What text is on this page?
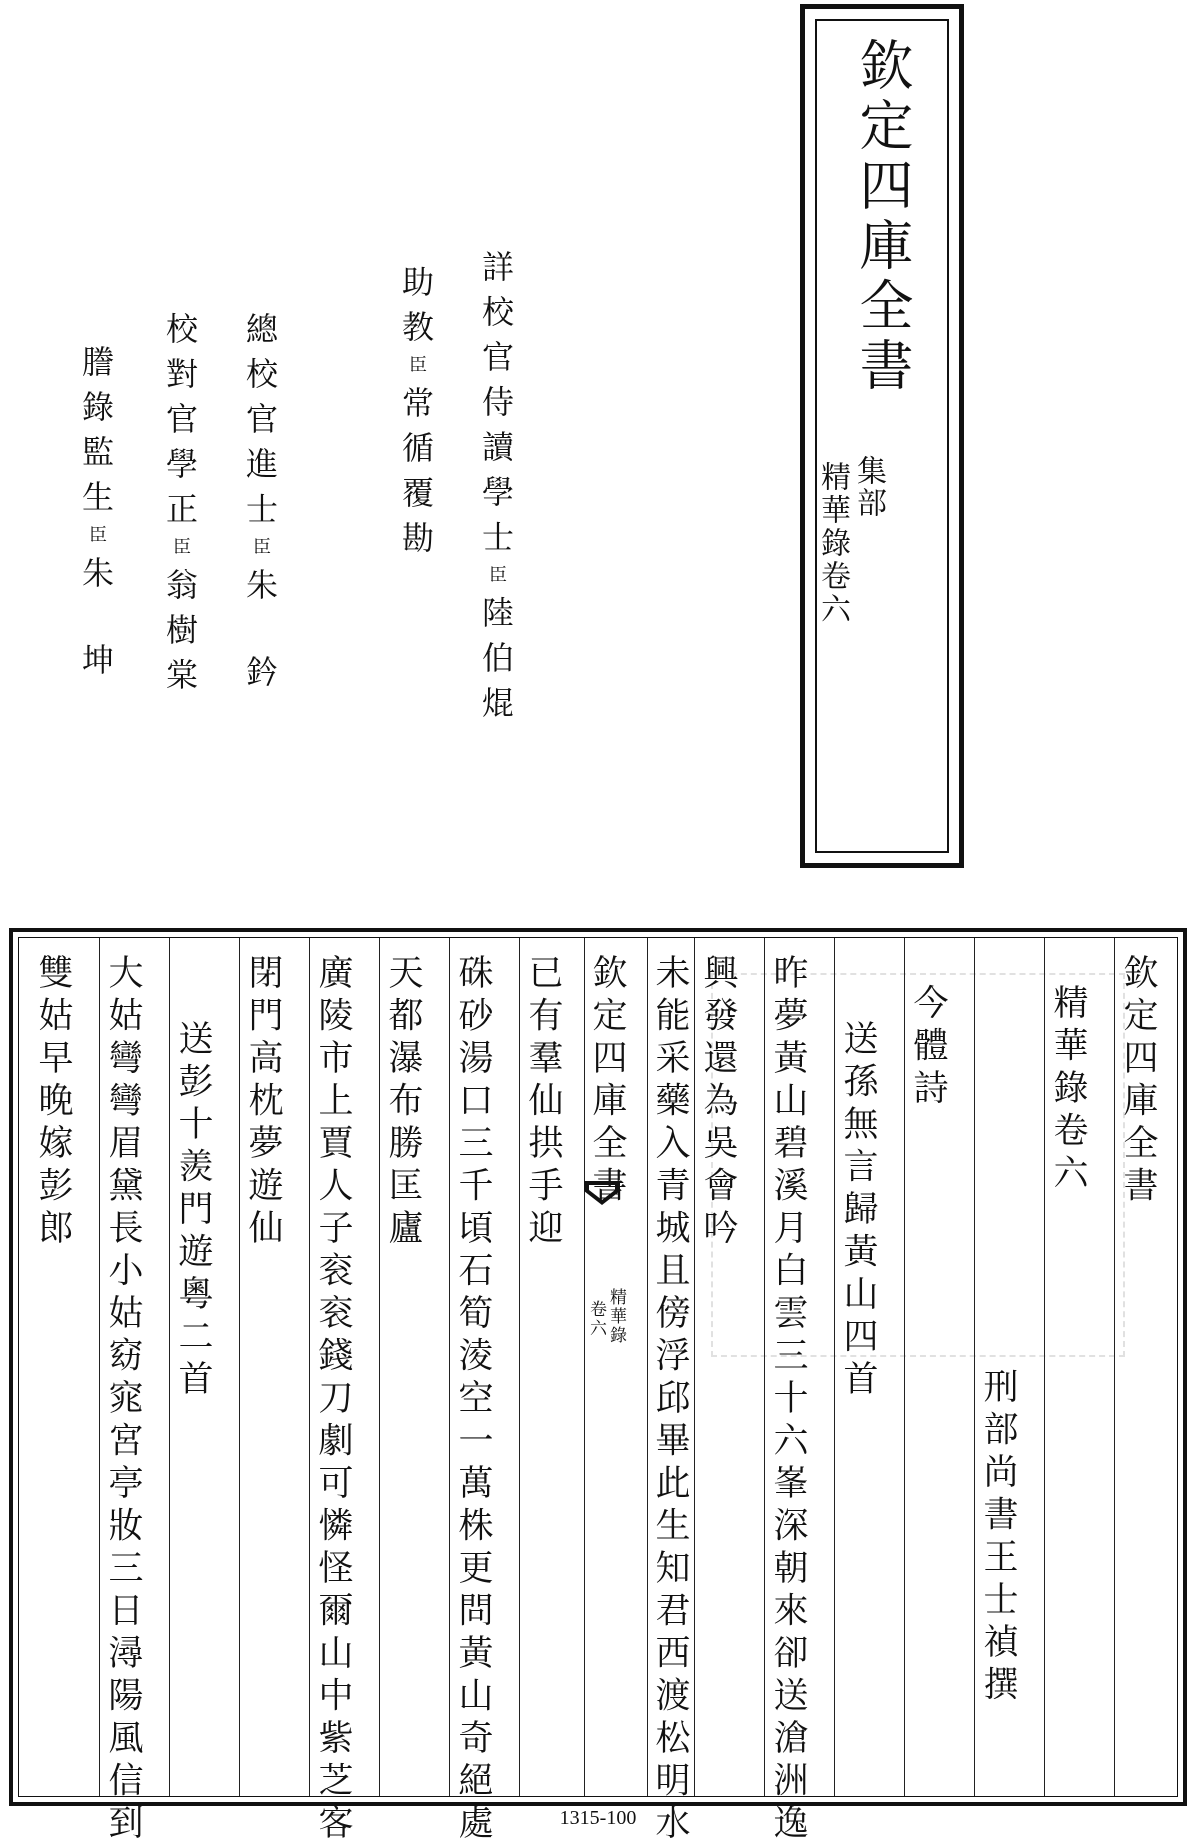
欽定四庫全書
集部
精華錄卷六
詳校官侍讀學士臣陸伯焜
助教臣常循覆勘
總校官進士臣朱鈐
校對官學正臣翁樹棠
謄錄監生臣朱坤
精華錄
卷六
欽定四庫全書
精華錄卷六
刑部尚書王士禎撰
今體詩
送孫無言歸黃山四首
昨夢黃山碧溪月白雲三十六峯深朝來卻送滄洲逸
興發還為吳會吟
未能采藥入青城且傍浮邱畢此生知君西渡松明水
欽定四庫全書
已有羣仙拱手迎
硃砂湯口三千頃石筍淩空一萬株更問黃山奇絕處
天都瀑布勝匡廬
廣陵市上賈人子衮衮錢刀劇可憐怪爾山中紫芝客
閉門高枕夢遊仙
送彭十羨門遊粵二首
大姑彎彎眉黛長小姑窈窕宮亭妝三日潯陽風信到
雙姑早晚嫁彭郎
1315-100
